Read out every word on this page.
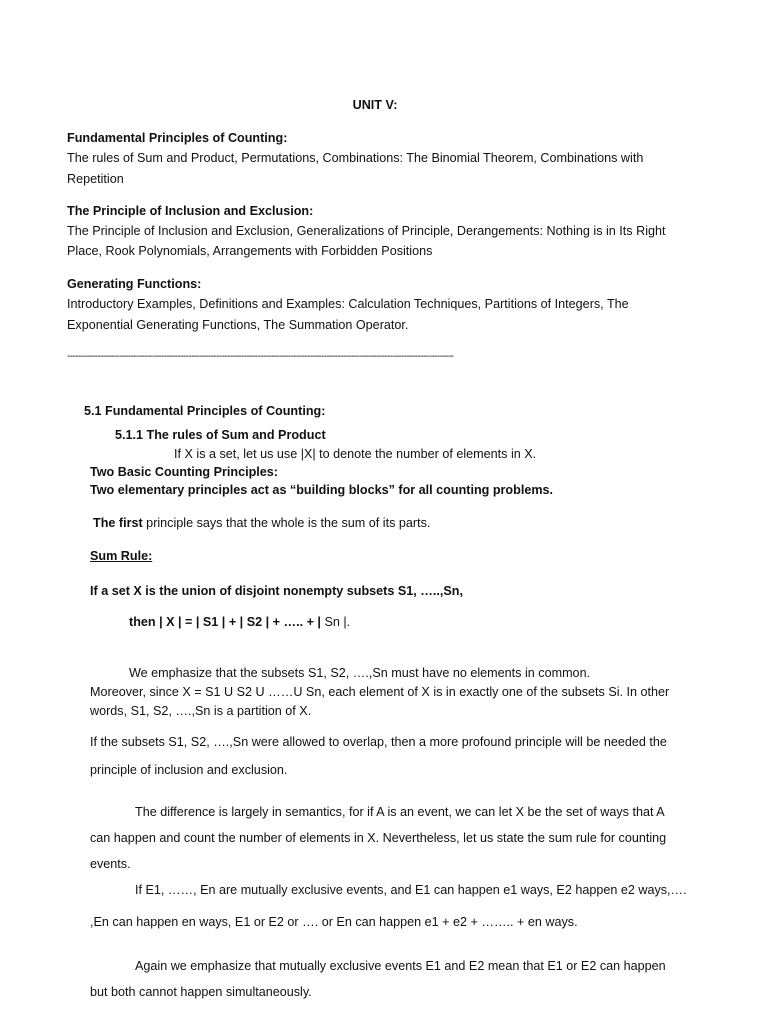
UNIT V:
Fundamental Principles of Counting:
The rules of Sum and Product, Permutations, Combinations: The Binomial Theorem, Combinations with
Repetition
The Principle of Inclusion and Exclusion:
The Principle of Inclusion and Exclusion, Generalizations of Principle, Derangements: Nothing is in Its Right
Place, Rook Polynomials, Arrangements with Forbidden Positions
Generating Functions:
Introductory Examples, Definitions and Examples: Calculation Techniques, Partitions of Integers, The
Exponential Generating Functions, The Summation Operator.
--------------------------------------------------------------------------------------------------------------------------------------------
5.1 Fundamental Principles of Counting:
5.1.1 The rules of Sum and Product
If X is a set, let us use |X| to denote the number of elements in X.
Two Basic Counting Principles:
Two elementary principles act as “building blocks” for all counting problems.
The first principle says that the whole is the sum of its parts.
Sum Rule:
If a set X is the union of disjoint nonempty subsets S1, …..,Sn,
then | X | = | S1 | + | S2 | + ….. + | Sn |.
We emphasize that the subsets S1, S2, ….,Sn must have no elements in common.
Moreover, since X = S1 U S2 U ……U Sn, each element of X is in exactly one of the subsets Si. In other
words, S1, S2, ….,Sn is a partition of X.
If the subsets S1, S2, ….,Sn were allowed to overlap, then a more profound principle will be needed the
principle of inclusion and exclusion.
The difference is largely in semantics, for if A is an event, we can let X be the set of ways that A
can happen and count the number of elements in X. Nevertheless, let us state the sum rule for counting
events.
If E1, ……, En are mutually exclusive events, and E1 can happen e1 ways, E2 happen e2 ways,….
,En can happen en ways, E1 or E2 or …. or En can happen e1 + e2 + …….. + en ways.
Again we emphasize that mutually exclusive events E1 and E2 mean that E1 or E2 can happen
but both cannot happen simultaneously.
